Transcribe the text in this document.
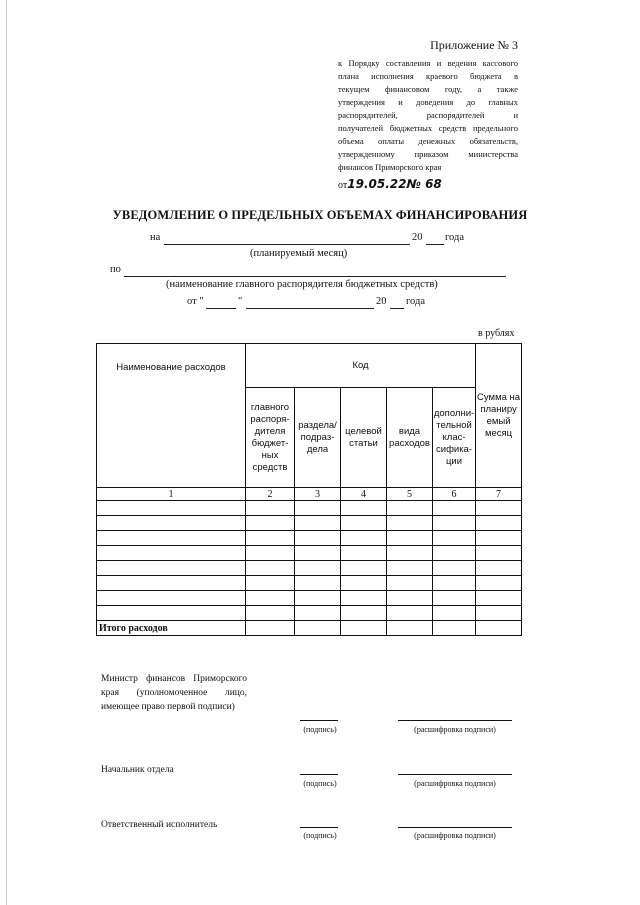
Приложение № 3
к Порядку составления и ведения кассового
плана исполнения краевого бюджета в
текущем финансовом году, а также
утверждения и доведения до главных
распорядителей, распорядителей и
получателей бюджетных средств предельного
объема оплаты денежных обязательств,
утвержденному приказом министерства
финансов Приморского края
от19.05.22№ 68
УВЕДОМЛЕНИЕ О ПРЕДЕЛЬНЫХ ОБЪЕМАХ ФИНАНСИРОВАНИЯ
на	20 года
(планируемый месяц)
по
(наименование главного распорядителя бюджетных средств)
от "	"	20 года
в рублях
Наименование расходов	Код					Сумма на планиру емый месяц
	главного распоря-дителя бюджет-ных средств	раздела/ подраз-дела	целевой статьи	вида расходов	дополни-тельной клас-сифика-ции	
1	2	3	4	5	6	7

Итого расходов						
Министр финансов Приморского края (уполномоченное лицо, имеющее право первой подписи)
(подпись)	(расшифровка подписи)
Начальник отдела
(подпись)	(расшифровка подписи)
Ответственный исполнитель
(подпись)	(расшифровка подписи)
